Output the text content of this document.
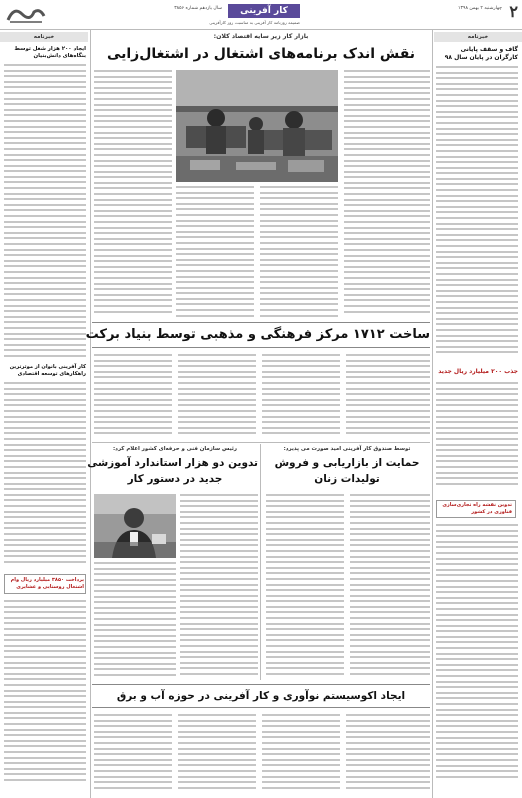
۲
سال یازدهم شماره ۳۸۵۶	کار آفرینی	چهارشنبه ۲ بهمن ۱۳۹۸
ضمیمه روزنامه کار آفرینی به مناسبت روز کارآفرینی
خبرنامه
گاف و سقف پایانی کارگران در پایان سال ۹۸
جذب ۲۰۰ میلیارد ریال جدید
تدوین نقشه راه تجاری‌سازی فناوری در کشور
خبرنامه
ایجاد ۲۰۰ هزار شغل توسط بنگاه‌های دانش‌بنیان
کار آفرینی بانوان از موثرترین راهکارهای توسعه اقتصادی
پرداخت ۳۸۵۰ میلیارد ریال وام اشتغال روستایی و عشایری
بازار کار زیر سایه اقتصاد کلان:
نقش اندک برنامه‌های اشتغال در اشتغال‌زایی
ساخت ۱۷۱۲ مرکز فرهنگی و مذهبی توسط بنیاد برکت
رئیس سازمان فنی و حرفه‌ای کشور اعلام کرد:
تدوین دو هزار استاندارد آموزشی
جدید در دستور کار
توسط صندوق کار آفرینی امید صورت می پذیرد:
حمایت از بازاریابی و فروش
تولیدات زنان
ایجاد اکوسیستم نوآوری و کار آفرینی در حوزه آب و برق
